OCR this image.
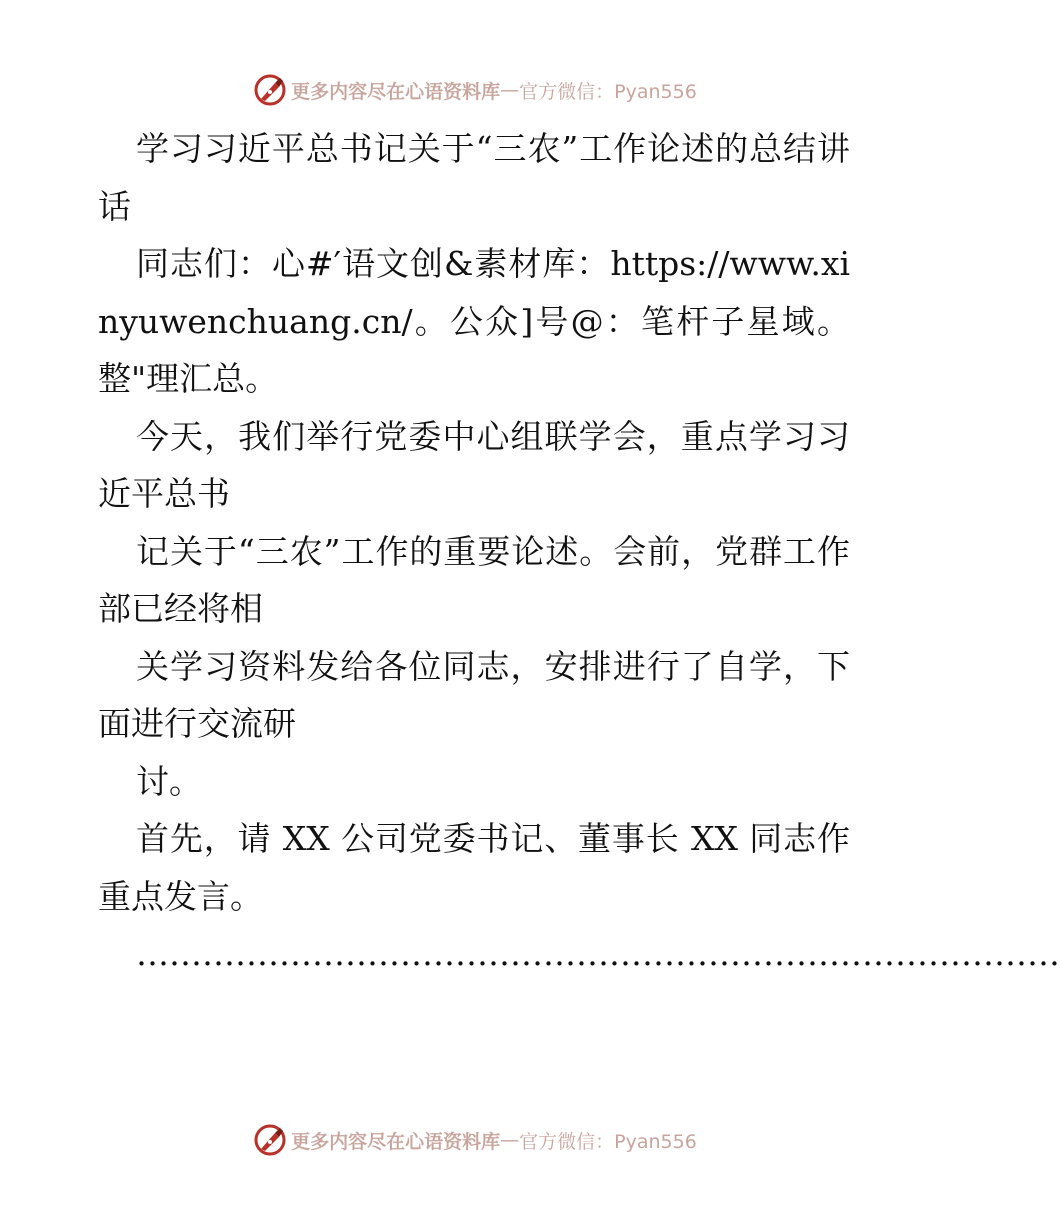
更多内容尽在心语资料库 — 官方微信：Pyan556

学习习近平总书记关于“三农”工作论述的总结讲话

同志们：心#′语文创&素材库：https://www.xinyuwenchuang.cn/。公众]号@：笔杆子星域。整"理汇总。

今天，我们举行党委中心组联学会，重点学习习近平总书

记关于“三农”工作的重要论述。会前，党群工作部已经将相

关学习资料发给各位同志，安排进行了自学，下面进行交流研

讨。

首先，请 XX 公司党委书记、董事长 XX 同志作重点发言。

…………………………………………………………………………

更多内容尽在心语资料库 — 官方微信：Pyan556
